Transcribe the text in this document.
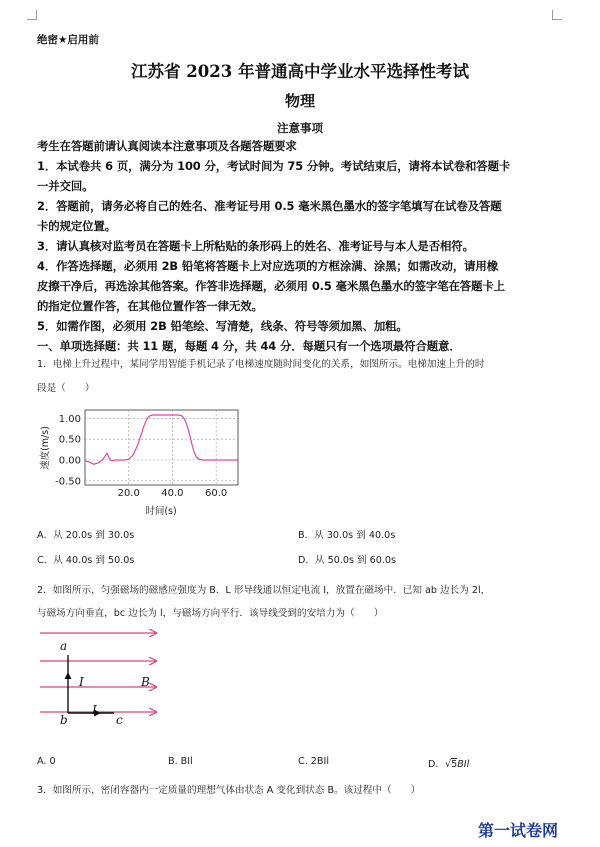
绝密★启用前
江苏省 2023 年普通高中学业水平选择性考试
物理
注意事项
考生在答题前请认真阅读本注意事项及各题答题要求
1．本试卷共 6 页，满分为 100 分，考试时间为 75 分钟。考试结束后，请将本试卷和答题卡
一并交回。
2．答题前，请务必将自己的姓名、准考证号用 0.5 毫米黑色墨水的签字笔填写在试卷及答题
卡的规定位置。
3．请认真核对监考员在答题卡上所粘贴的条形码上的姓名、准考证号与本人是否相符。
4．作答选择题，必须用 2B 铅笔将答题卡上对应选项的方框涂满、涂黑；如需改动，请用橡
皮擦干净后，再选涂其他答案。作答非选择题，必须用 0.5 毫米黑色墨水的签字笔在答题卡上
的指定位置作答，在其他位置作答一律无效。
5．如需作图，必须用 2B 铅笔绘、写清楚，线条、符号等须加黑、加粗。
一、单项选择题：共 11 题，每题 4 分，共 44 分．每题只有一个选项最符合题意．
1．电梯上升过程中，某同学用智能手机记录了电梯速度随时间变化的关系，如图所示。电梯加速上升的时
段是（　　）
20.0 40.0 60.0
1.00
0.50
0.00
-0.50
时间(s)
速度(m/s)
A．从 20.0s 到 30.0s	B．从 30.0s 到 40.0s
C．从 40.0s 到 50.0s	D．从 50.0s 到 60.0s
2．如图所示，匀强磁场的磁感应强度为 B．L 形导线通以恒定电流 I，放置在磁场中．已知 ab 边长为 2l，
与磁场方向垂直，bc 边长为 l，与磁场方向平行．该导线受到的安培力为（　　）
a
b	c
I
I
B
A. 0	B. BIl	C. 2BIl	D．√5BIl
3．如图所示，密闭容器内一定质量的理想气体由状态 A 变化到状态 B。该过程中（　　）
第一试卷网
